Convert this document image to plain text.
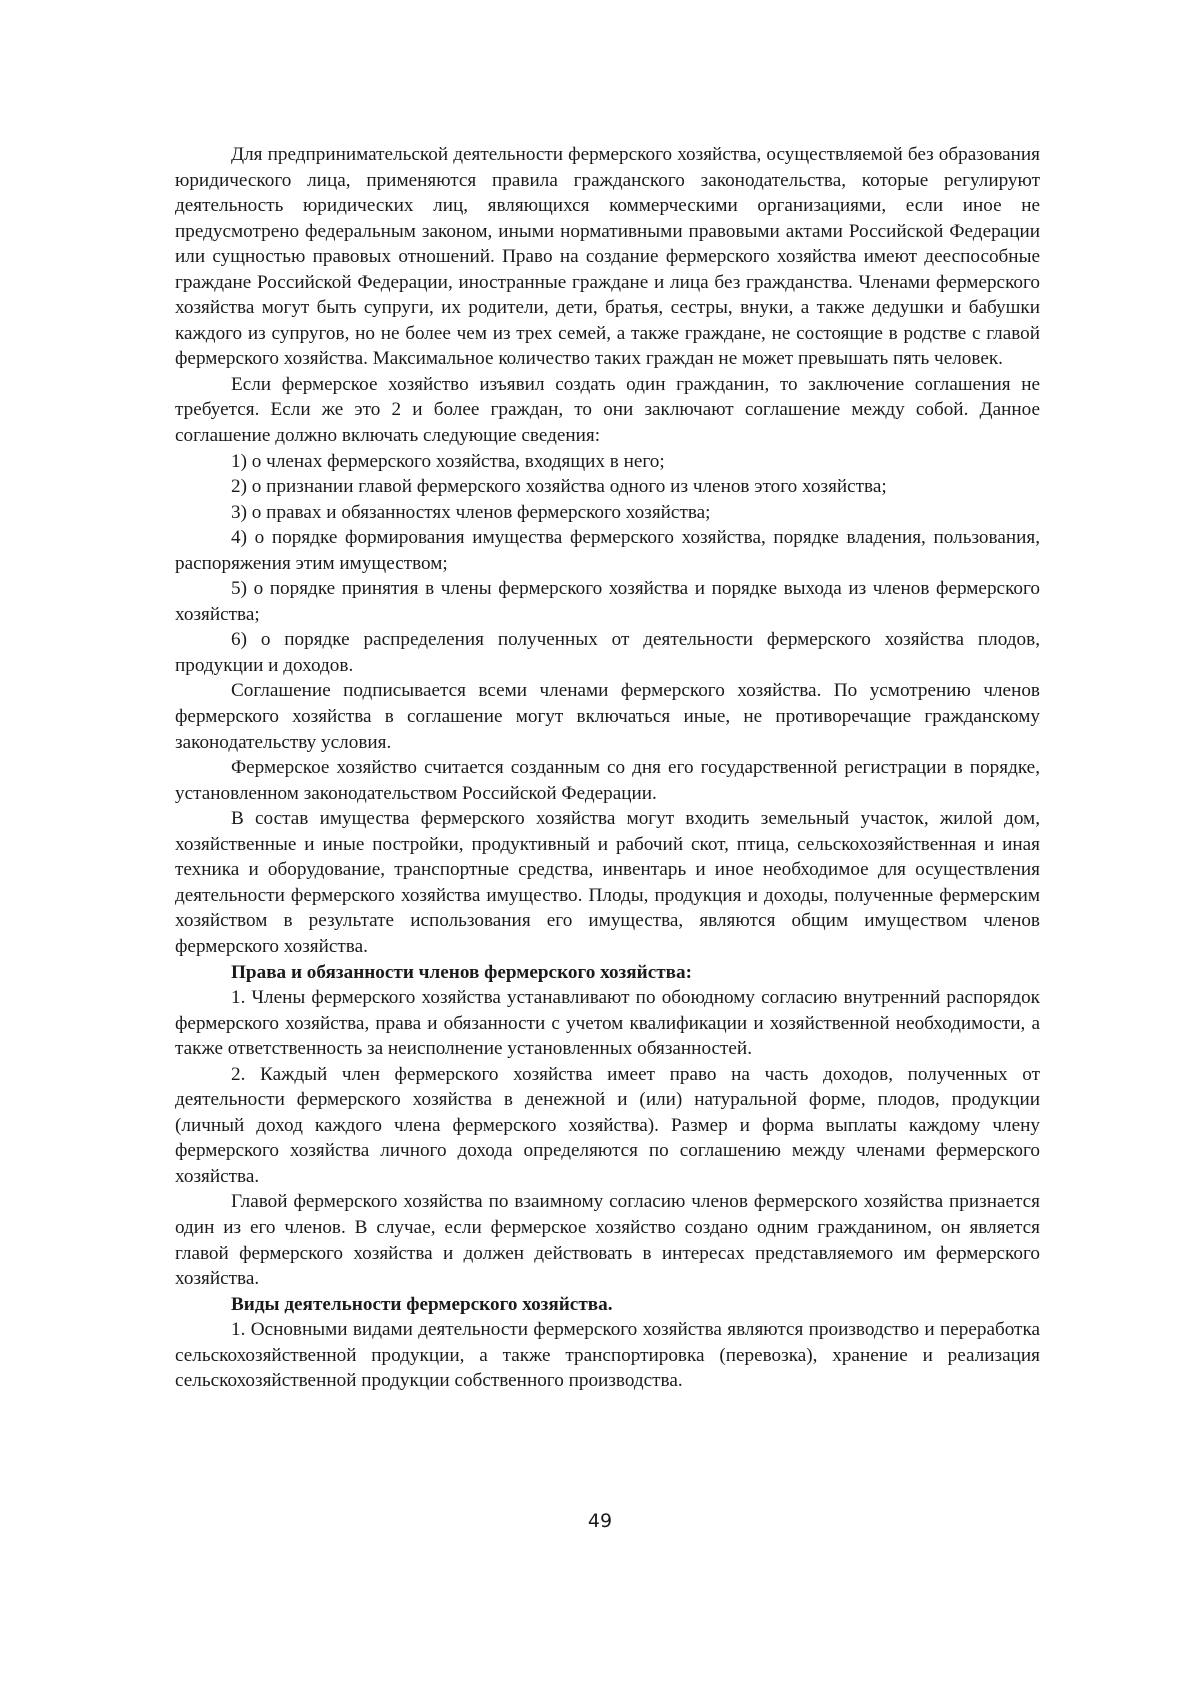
Для предпринимательской деятельности фермерского хозяйства, осуществляемой без образования юридического лица, применяются правила гражданского законодательства, которые регулируют деятельность юридических лиц, являющихся коммерческими организациями, если иное не предусмотрено федеральным законом, иными нормативными правовыми актами Российской Федерации или сущностью правовых отношений. Право на создание фермерского хозяйства имеют дееспособные граждане Российской Федерации, иностранные граждане и лица без гражданства. Членами фермерского хозяйства могут быть супруги, их родители, дети, братья, сестры, внуки, а также дедушки и бабушки каждого из супругов, но не более чем из трех семей, а также граждане, не состоящие в родстве с главой фермерского хозяйства. Максимальное количество таких граждан не может превышать пять человек.

Если фермерское хозяйство изъявил создать один гражданин, то заключение соглашения не требуется. Если же это 2 и более граждан, то они заключают соглашение между собой. Данное соглашение должно включать следующие сведения:

1) о членах фермерского хозяйства, входящих в него;

2) о признании главой фермерского хозяйства одного из членов этого хозяйства;

3) о правах и обязанностях членов фермерского хозяйства;

4) о порядке формирования имущества фермерского хозяйства, порядке владения, пользования, распоряжения этим имуществом;

5) о порядке принятия в члены фермерского хозяйства и порядке выхода из членов фермерского хозяйства;

6) о порядке распределения полученных от деятельности фермерского хозяйства плодов, продукции и доходов.

Соглашение подписывается всеми членами фермерского хозяйства. По усмотрению членов фермерского хозяйства в соглашение могут включаться иные, не противоречащие гражданскому законодательству условия.

Фермерское хозяйство считается созданным со дня его государственной регистрации в порядке, установленном законодательством Российской Федерации.

В состав имущества фермерского хозяйства могут входить земельный участок, жилой дом, хозяйственные и иные постройки, продуктивный и рабочий скот, птица, сельскохозяйственная и иная техника и оборудование, транспортные средства, инвентарь и иное необходимое для осуществления деятельности фермерского хозяйства имущество. Плоды, продукция и доходы, полученные фермерским хозяйством в результате использования его имущества, являются общим имуществом членов фермерского хозяйства.

Права и обязанности членов фермерского хозяйства:

1. Члены фермерского хозяйства устанавливают по обоюдному согласию внутренний распорядок фермерского хозяйства, права и обязанности с учетом квалификации и хозяйственной необходимости, а также ответственность за неисполнение установленных обязанностей.

2. Каждый член фермерского хозяйства имеет право на часть доходов, полученных от деятельности фермерского хозяйства в денежной и (или) натуральной форме, плодов, продукции (личный доход каждого члена фермерского хозяйства). Размер и форма выплаты каждому члену фермерского хозяйства личного дохода определяются по соглашению между членами фермерского хозяйства.

Главой фермерского хозяйства по взаимному согласию членов фермерского хозяйства признается один из его членов. В случае, если фермерское хозяйство создано одним гражданином, он является главой фермерского хозяйства и должен действовать в интересах представляемого им фермерского хозяйства.

Виды деятельности фермерского хозяйства.

1. Основными видами деятельности фермерского хозяйства являются производство и переработка сельскохозяйственной продукции, а также транспортировка (перевозка), хранение и реализация сельскохозяйственной продукции собственного производства.

49
